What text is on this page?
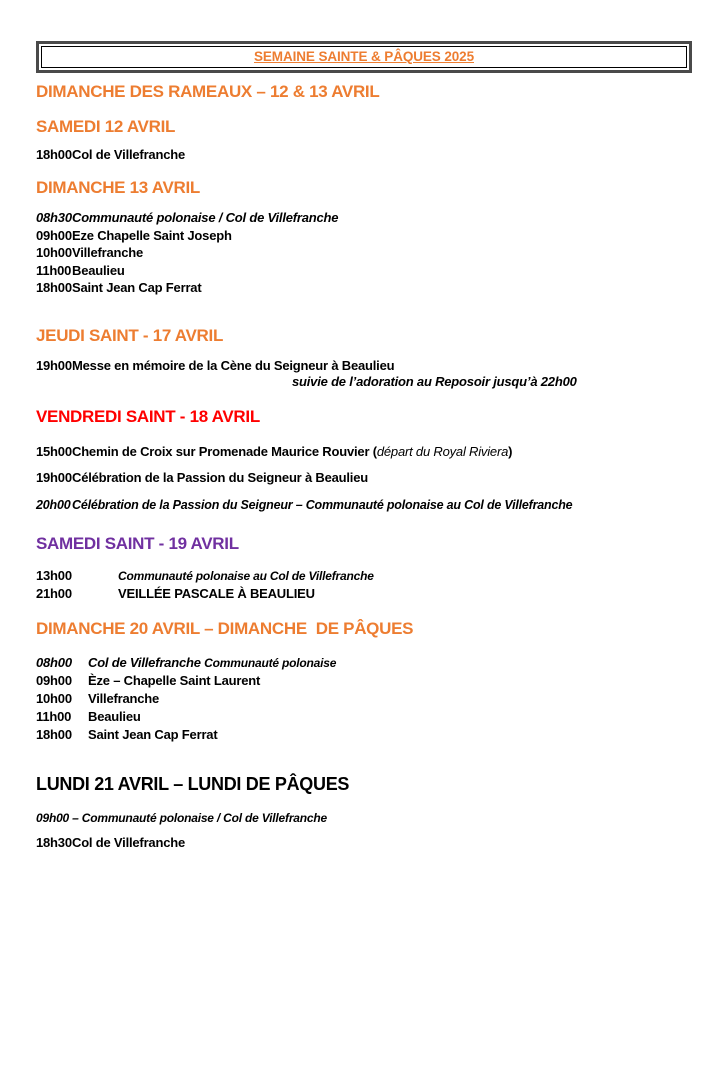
SEMAINE SAINTE & PÂQUES 2025
DIMANCHE DES RAMEAUX – 12 & 13 AVRIL
SAMEDI 12 AVRIL
18h00 Col de Villefranche
DIMANCHE 13 AVRIL
08h30 Communauté polonaise / Col de Villefranche
09h00 Eze Chapelle Saint Joseph
10h00 Villefranche
11h00 Beaulieu
18h00 Saint Jean Cap Ferrat
JEUDI SAINT - 17 AVRIL
19h00 Messe en mémoire de la Cène du Seigneur à Beaulieu
suivie de l’adoration au Reposoir jusqu’à 22h00
VENDREDI SAINT - 18 AVRIL
15h00 Chemin de Croix sur Promenade Maurice Rouvier (départ du Royal Riviera)
19h00 Célébration de la Passion du Seigneur à Beaulieu
20h00 Célébration de la Passion du Seigneur – Communauté polonaise au Col de Villefranche
SAMEDI SAINT - 19 AVRIL
13h00	Communauté polonaise au Col de Villefranche
21h00	VEILLÉE PASCALE À BEAULIEU
DIMANCHE 20 AVRIL – DIMANCHE  DE PÂQUES
08h00	Col de Villefranche Communauté polonaise
09h00	Èze – Chapelle Saint Laurent
10h00	Villefranche
11h00	Beaulieu
18h00	Saint Jean Cap Ferrat
LUNDI 21 AVRIL – LUNDI DE PÂQUES
09h00 – Communauté polonaise / Col de Villefranche
18h30 Col de Villefranche
